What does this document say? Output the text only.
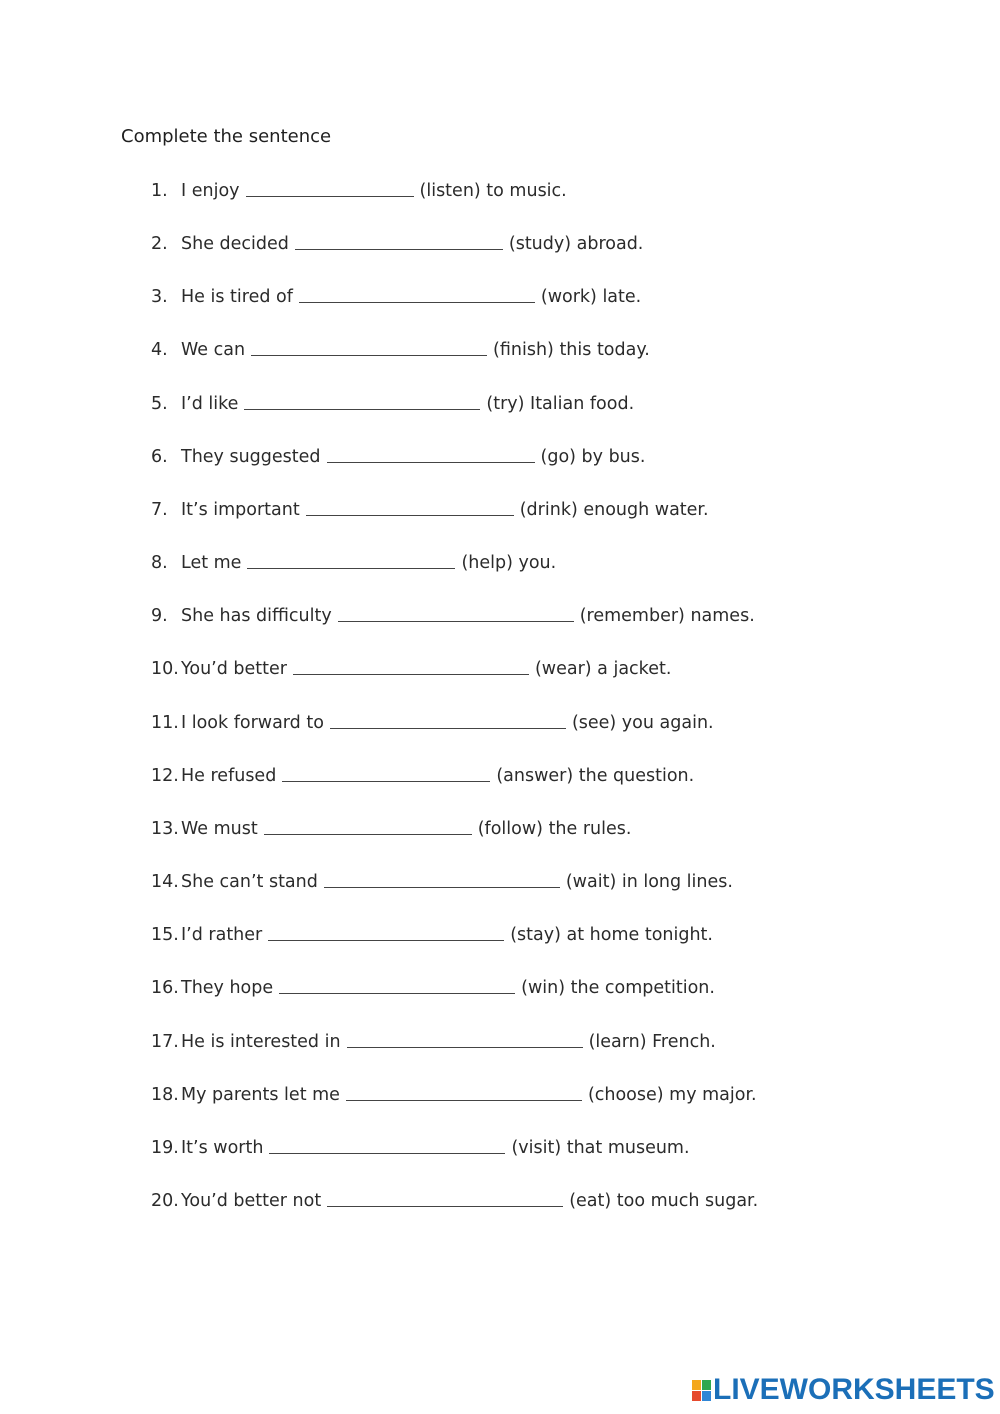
Complete the sentence
1. I enjoy	(listen) to music.
2. She decided	(study) abroad.
3. He is tired of	(work) late.
4. We can	(finish) this today.
5. I’d like	(try) Italian food.
6. They suggested	(go) by bus.
7. It’s important	(drink) enough water.
8. Let me	(help) you.
9. She has difficulty	(remember) names.
10. You’d better	(wear) a jacket.
11. I look forward to	(see) you again.
12. He refused	(answer) the question.
13. We must	(follow) the rules.
14. She can’t stand	(wait) in long lines.
15. I’d rather	(stay) at home tonight.
16. They hope	(win) the competition.
17. He is interested in	(learn) French.
18. My parents let me	(choose) my major.
19. It’s worth	(visit) that museum.
20. You’d better not	(eat) too much sugar.
LIVEWORKSHEETS
